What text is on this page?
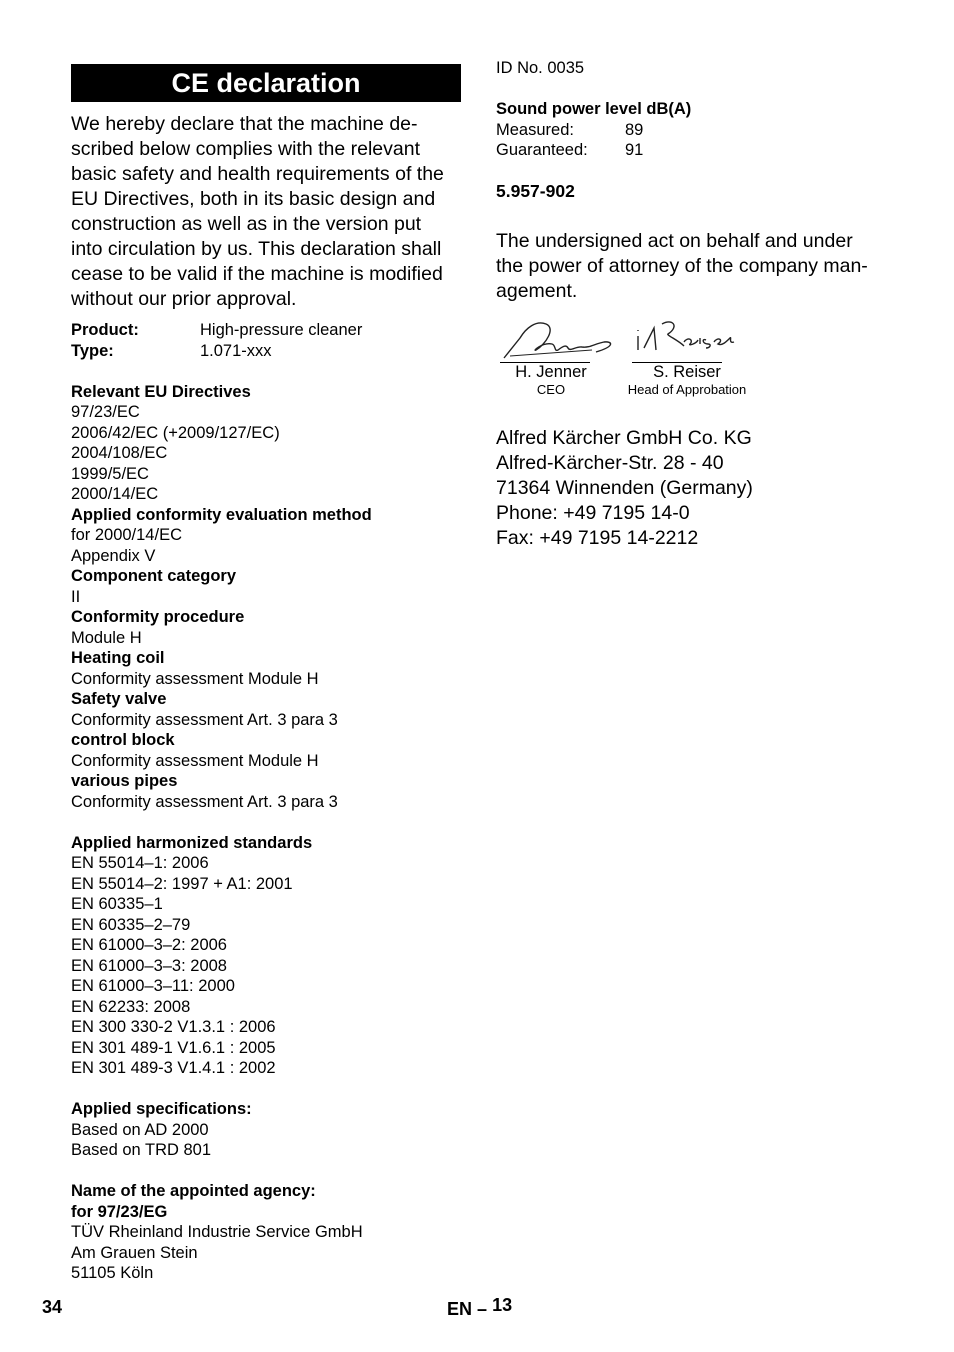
CE declaration
We hereby declare that the machine de-
scribed below complies with the relevant
basic safety and health requirements of the
EU Directives, both in its basic design and
construction as well as in the version put
into circulation by us. This declaration shall
cease to be valid if the machine is modified
without our prior approval.
Product:	High-pressure cleaner
Type:	1.071-xxx
Relevant EU Directives
97/23/EC
2006/42/EC (+2009/127/EC)
2004/108/EC
1999/5/EC
2000/14/EC
Applied conformity evaluation method
for 2000/14/EC
Appendix V
Component category
II
Conformity procedure
Module H
Heating coil
Conformity assessment Module H
Safety valve
Conformity assessment Art. 3 para 3
control block
Conformity assessment Module H
various pipes
Conformity assessment Art. 3 para 3
Applied harmonized standards
EN 55014–1: 2006
EN 55014–2: 1997 + A1: 2001
EN 60335–1
EN 60335–2–79
EN 61000–3–2: 2006
EN 61000–3–3: 2008
EN 61000–3–11: 2000
EN 62233: 2008
EN 300 330-2 V1.3.1 : 2006
EN 301 489-1 V1.6.1 : 2005
EN 301 489-3 V1.4.1 : 2002
Applied specifications:
Based on AD 2000
Based on TRD 801
Name of the appointed agency:
for 97/23/EG
TÜV Rheinland Industrie Service GmbH
Am Grauen Stein
51105 Köln
ID No. 0035
Sound power level dB(A)
Measured:	89
Guaranteed:	91
5.957-902
The undersigned act on behalf and under
the power of attorney of the company man-
agement.
H. Jenner
CEO
S. Reiser
Head of Approbation
Alfred Kärcher GmbH Co. KG
Alfred-Kärcher-Str. 28 - 40
71364 Winnenden (Germany)
Phone: +49 7195 14-0
Fax: +49 7195 14-2212
34	EN – 13
